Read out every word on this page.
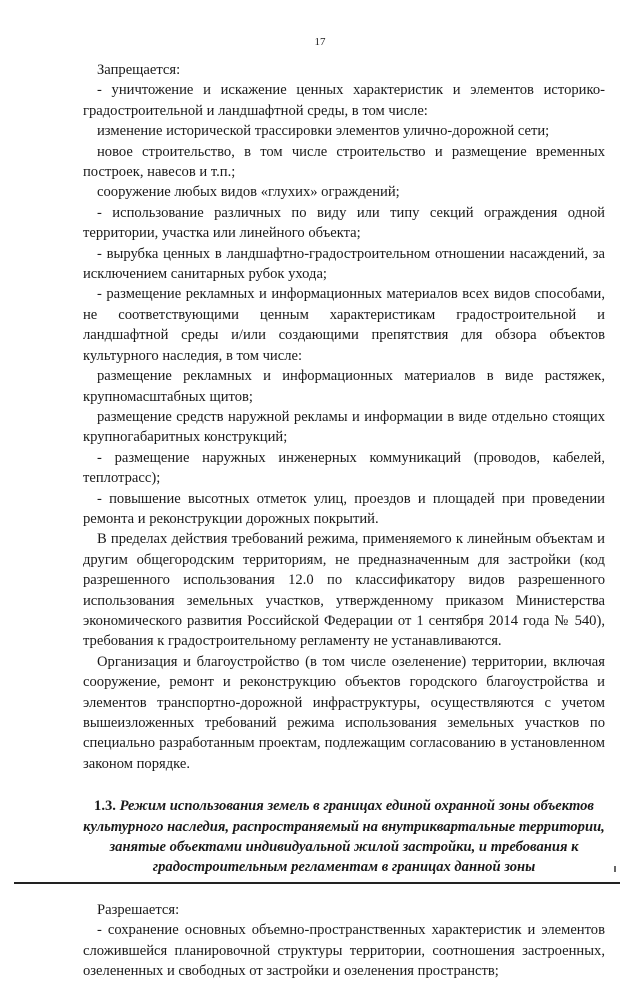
17

Запрещается:

- уничтожение и искажение ценных характеристик и элементов историко-градостроительной и ландшафтной среды, в том числе:

изменение исторической трассировки элементов улично-дорожной сети;

новое строительство, в том числе строительство и размещение временных построек, навесов и т.п.;

сооружение любых видов «глухих» ограждений;

- использование различных по виду или типу секций ограждения одной территории, участка или линейного объекта;

- вырубка ценных в ландшафтно-градостроительном отношении насаждений, за исключением санитарных рубок ухода;

- размещение рекламных и информационных материалов всех видов способами, не соответствующими ценным характеристикам градостроительной и ландшафтной среды и/или создающими препятствия для обзора объектов культурного наследия, в том числе:

размещение рекламных и информационных материалов в виде растяжек, крупномасштабных щитов;

размещение средств наружной рекламы и информации в виде отдельно стоящих крупногабаритных конструкций;

- размещение наружных инженерных коммуникаций (проводов, кабелей, теплотрасс);

- повышение высотных отметок улиц, проездов и площадей при проведении ремонта и реконструкции дорожных покрытий.

В пределах действия требований режима, применяемого к линейным объектам и другим общегородским территориям, не предназначенным для застройки (код разрешенного использования 12.0 по классификатору видов разрешенного использования земельных участков, утвержденному приказом Министерства экономического развития Российской Федерации от 1 сентября 2014 года № 540), требования к градостроительному регламенту не устанавливаются.

Организация и благоустройство (в том числе озеленение) территории, включая сооружение, ремонт и реконструкцию объектов городского благоустройства и элементов транспортно-дорожной инфраструктуры, осуществляются с учетом вышеизложенных требований режима использования земельных участков по специально разработанным проектам, подлежащим согласованию в установленном законом порядке.

1.3. Режим использования земель в границах единой охранной зоны объектов культурного наследия, распространяемый на внутриквартальные территории, занятые объектами индивидуальной жилой застройки, и требования к градостроительным регламентам в границах данной зоны

Разрешается:

- сохранение основных объемно-пространственных характеристик и элементов сложившейся планировочной структуры территории, соотношения застроенных, озелененных и свободных от застройки и озеленения пространств;
